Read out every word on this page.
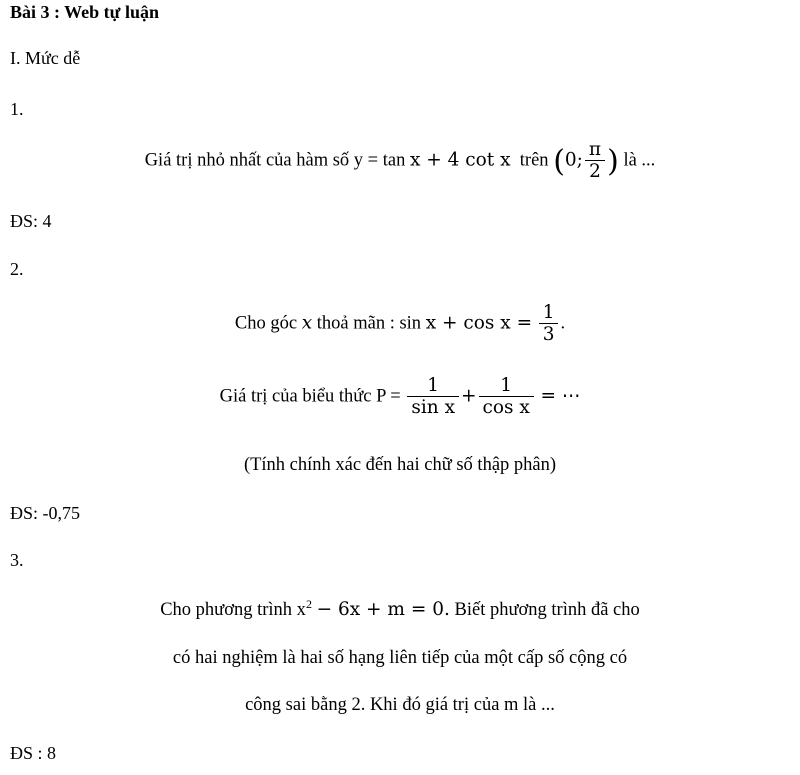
Bài 3 : Web tự luận
I. Mức dễ
1.
Giá trị nhỏ nhất của hàm số y = tan x + 4 cot x trên (0; $\frac{\pi}{2}$ ) là ...
ĐS: 4
2.
Cho góc x thoả mãn : $\sin x + \cos x = \frac{1}{3}$ .
Giá trị của biểu thức $P = \frac{1}{\text{sin x}} + \frac{1}{\text{cos x}}$ = ⋯
(Tính chính xác đến hai chữ số thập phân)
ĐS: -0,75
3.
Cho phương trình $x^2 - 6x + m = 0$. Biết phương trình đã cho
có hai nghiệm là hai số hạng liên tiếp của một cấp số cộng có
công sai bằng 2. Khi đó giá trị của m là ...
ĐS : 8
